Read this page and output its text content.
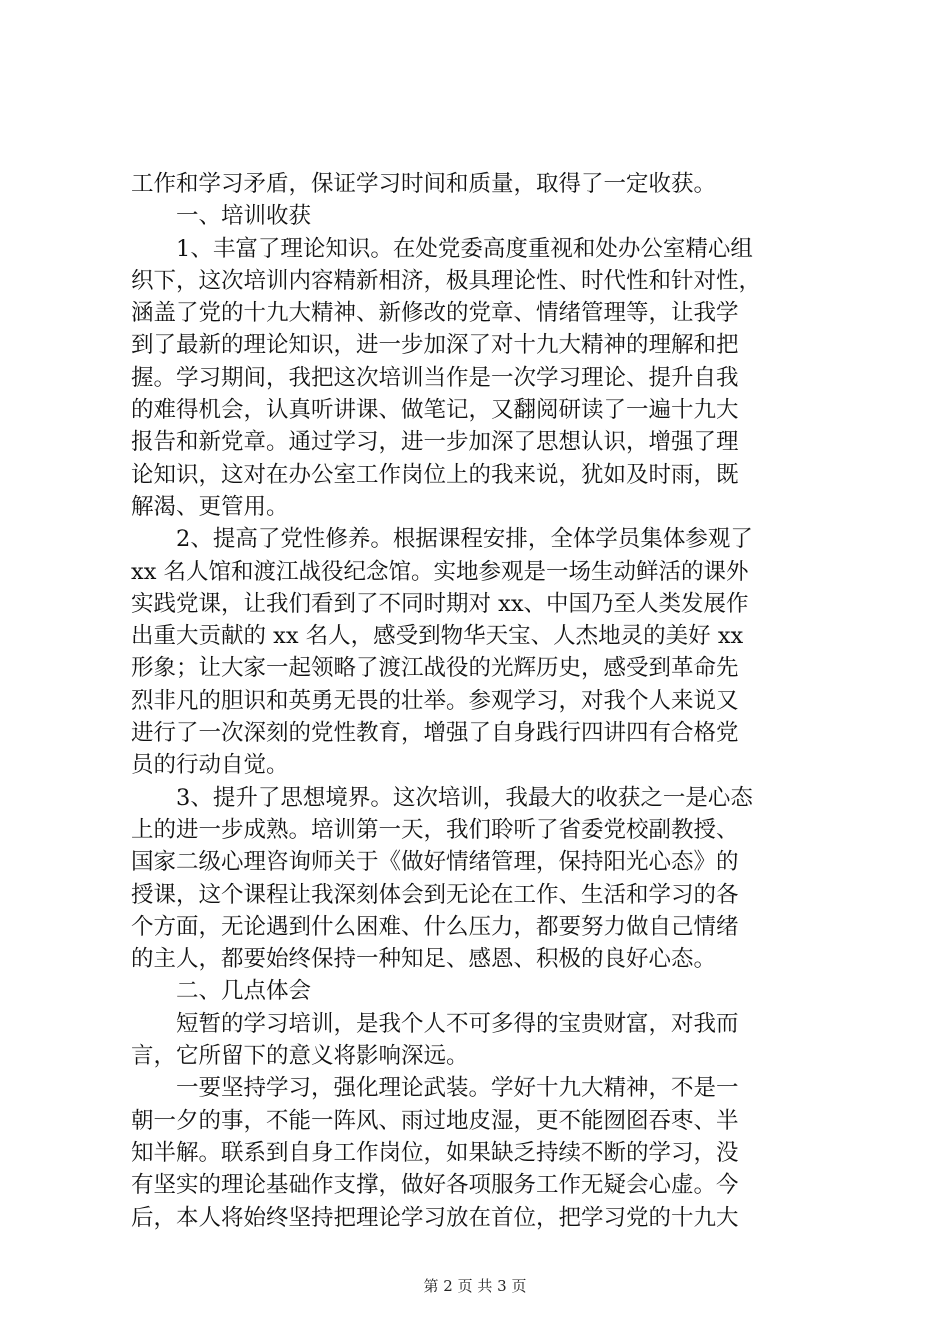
工作和学习矛盾，保证学习时间和质量，取得了一定收获。
一、培训收获
　　1、丰富了理论知识。在处党委高度重视和处办公室精心组
织下，这次培训内容精新相济，极具理论性、时代性和针对性，
涵盖了党的十九大精神、新修改的党章、情绪管理等，让我学
到了最新的理论知识，进一步加深了对十九大精神的理解和把
握。学习期间，我把这次培训当作是一次学习理论、提升自我
的难得机会，认真听讲课、做笔记，又翻阅研读了一遍十九大
报告和新党章。通过学习，进一步加深了思想认识，增强了理
论知识，这对在办公室工作岗位上的我来说，犹如及时雨，既
解渴、更管用。
　　2、提高了党性修养。根据课程安排，全体学员集体参观了
xx 名人馆和渡江战役纪念馆。实地参观是一场生动鲜活的课外
实践党课，让我们看到了不同时期对 xx、中国乃至人类发展作
出重大贡献的 xx 名人，感受到物华天宝、人杰地灵的美好 xx
形象；让大家一起领略了渡江战役的光辉历史，感受到革命先
烈非凡的胆识和英勇无畏的壮举。参观学习，对我个人来说又
进行了一次深刻的党性教育，增强了自身践行四讲四有合格党
员的行动自觉。
　　3、提升了思想境界。这次培训，我最大的收获之一是心态
上的进一步成熟。培训第一天，我们聆听了省委党校副教授、
国家二级心理咨询师关于《做好情绪管理，保持阳光心态》的
授课，这个课程让我深刻体会到无论在工作、生活和学习的各
个方面，无论遇到什么困难、什么压力，都要努力做自己情绪
的主人，都要始终保持一种知足、感恩、积极的良好心态。
二、几点体会
　　短暂的学习培训，是我个人不可多得的宝贵财富，对我而
言，它所留下的意义将影响深远。
　　一要坚持学习，强化理论武装。学好十九大精神，不是一
朝一夕的事，不能一阵风、雨过地皮湿，更不能囫囵吞枣、半
知半解。联系到自身工作岗位，如果缺乏持续不断的学习，没
有坚实的理论基础作支撑，做好各项服务工作无疑会心虚。今
后，本人将始终坚持把理论学习放在首位，把学习党的十九大
第 2 页 共 3 页
